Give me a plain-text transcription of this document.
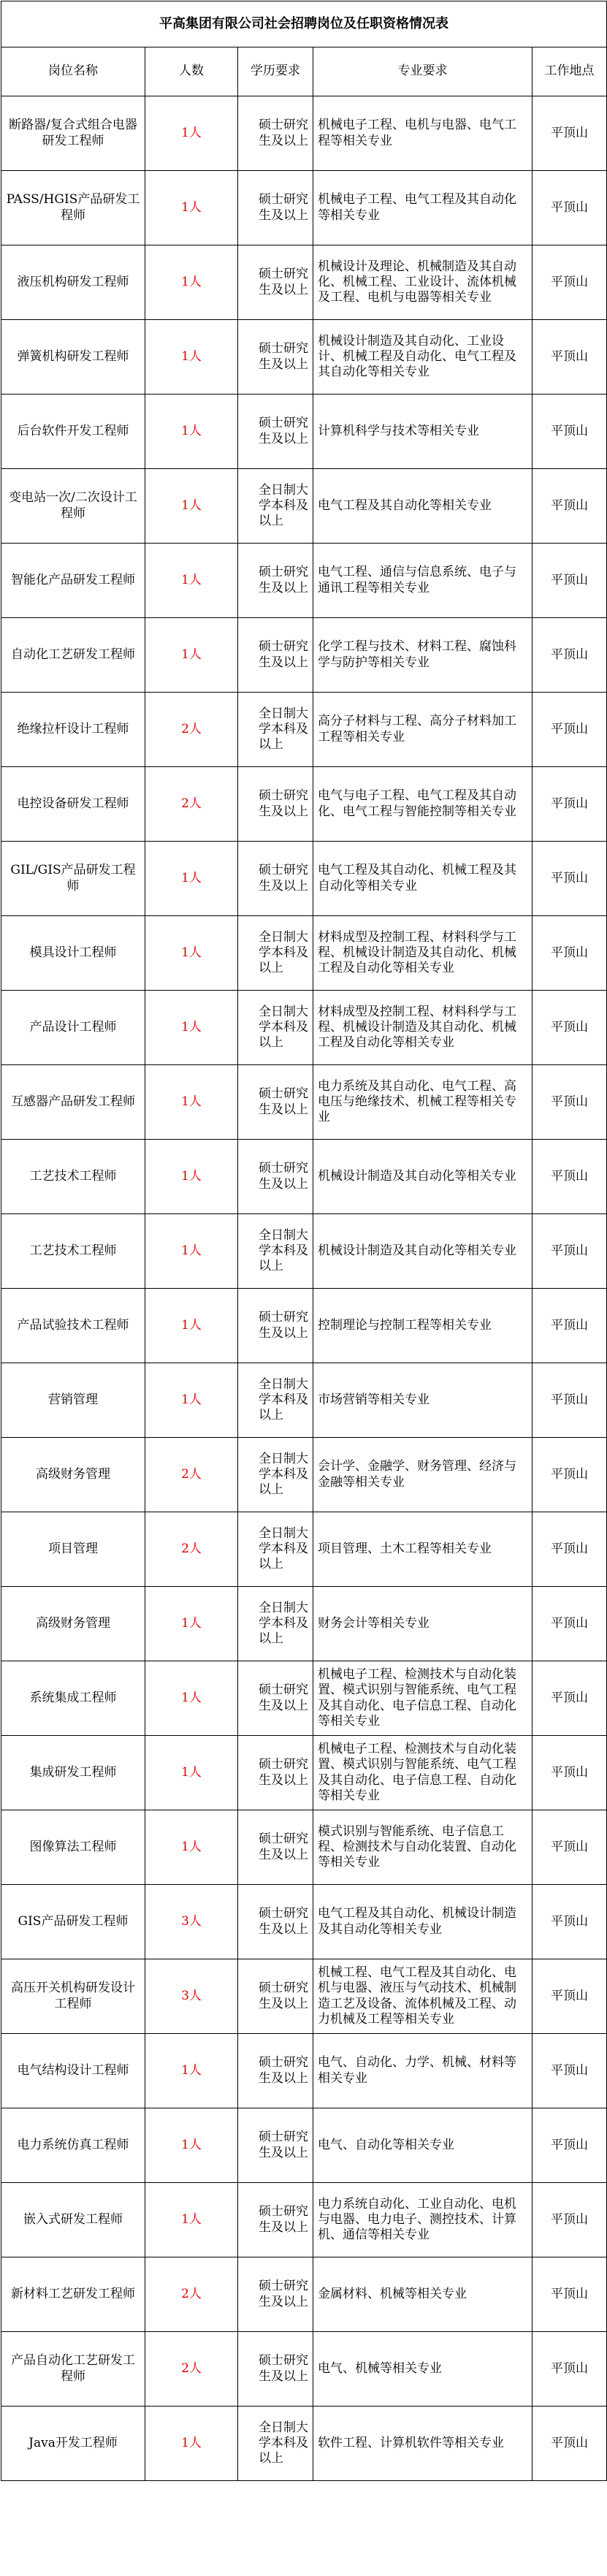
平高集团有限公司社会招聘岗位及任职资格情况表				
岗位名称	人数	学历要求	专业要求	工作地点
断路器/复合式组合电器研发工程师	1人	硕士研究生及以上	机械电子工程、电机与电器、电气工程等相关专业	平顶山
PASS/HGIS产品研发工程师	1人	硕士研究生及以上	机械电子工程、电气工程及其自动化等相关专业	平顶山
液压机构研发工程师	1人	硕士研究生及以上	机械设计及理论、机械制造及其自动化、机械工程、工业设计、流体机械及工程、电机与电器等相关专业	平顶山
弹簧机构研发工程师	1人	硕士研究生及以上	机械设计制造及其自动化、工业设计、机械工程及自动化、电气工程及其自动化等相关专业	平顶山
后台软件开发工程师	1人	硕士研究生及以上	计算机科学与技术等相关专业	平顶山
变电站一次/二次设计工程师	1人	全日制大学本科及以上	电气工程及其自动化等相关专业	平顶山
智能化产品研发工程师	1人	硕士研究生及以上	电气工程、通信与信息系统、电子与通讯工程等相关专业	平顶山
自动化工艺研发工程师	1人	硕士研究生及以上	化学工程与技术、材料工程、腐蚀科学与防护等相关专业	平顶山
绝缘拉杆设计工程师	2人	全日制大学本科及以上	高分子材料与工程、高分子材料加工工程等相关专业	平顶山
电控设备研发工程师	2人	硕士研究生及以上	电气与电子工程、电气工程及其自动化、电气工程与智能控制等相关专业	平顶山
GIL/GIS产品研发工程师	1人	硕士研究生及以上	电气工程及其自动化、机械工程及其自动化等相关专业	平顶山
模具设计工程师	1人	全日制大学本科及以上	材料成型及控制工程、材料科学与工程、机械设计制造及其自动化、机械工程及自动化等相关专业	平顶山
产品设计工程师	1人	全日制大学本科及以上	材料成型及控制工程、材料科学与工程、机械设计制造及其自动化、机械工程及自动化等相关专业	平顶山
互感器产品研发工程师	1人	硕士研究生及以上	电力系统及其自动化、电气工程、高电压与绝缘技术、机械工程等相关专业	平顶山
工艺技术工程师	1人	硕士研究生及以上	机械设计制造及其自动化等相关专业	平顶山
工艺技术工程师	1人	全日制大学本科及以上	机械设计制造及其自动化等相关专业	平顶山
产品试验技术工程师	1人	硕士研究生及以上	控制理论与控制工程等相关专业	平顶山
营销管理	1人	全日制大学本科及以上	市场营销等相关专业	平顶山
高级财务管理	2人	全日制大学本科及以上	会计学、金融学、财务管理、经济与金融等相关专业	平顶山
项目管理	2人	全日制大学本科及以上	项目管理、土木工程等相关专业	平顶山
高级财务管理	1人	全日制大学本科及以上	财务会计等相关专业	平顶山
系统集成工程师	1人	硕士研究生及以上	机械电子工程、检测技术与自动化装置、模式识别与智能系统、电气工程及其自动化、电子信息工程、自动化等相关专业	平顶山
集成研发工程师	1人	硕士研究生及以上	机械电子工程、检测技术与自动化装置、模式识别与智能系统、电气工程及其自动化、电子信息工程、自动化等相关专业	平顶山
图像算法工程师	1人	硕士研究生及以上	模式识别与智能系统、电子信息工程、检测技术与自动化装置、自动化等相关专业	平顶山
GIS产品研发工程师	3人	硕士研究生及以上	电气工程及其自动化、机械设计制造及其自动化等相关专业	平顶山
高压开关机构研发设计工程师	3人	硕士研究生及以上	机械工程、电气工程及其自动化、电机与电器、液压与气动技术、机械制造工艺及设备、流体机械及工程、动力机械及工程等相关专业	平顶山
电气结构设计工程师	1人	硕士研究生及以上	电气、自动化、力学、机械、材料等相关专业	平顶山
电力系统仿真工程师	1人	硕士研究生及以上	电气、自动化等相关专业	平顶山
嵌入式研发工程师	1人	硕士研究生及以上	电力系统自动化、工业自动化、电机与电器、电力电子、测控技术、计算机、通信等相关专业	平顶山
新材料工艺研发工程师	2人	硕士研究生及以上	金属材料、机械等相关专业	平顶山
产品自动化工艺研发工程师	2人	硕士研究生及以上	电气、机械等相关专业	平顶山
Java开发工程师	1人	全日制大学本科及以上	软件工程、计算机软件等相关专业	平顶山
